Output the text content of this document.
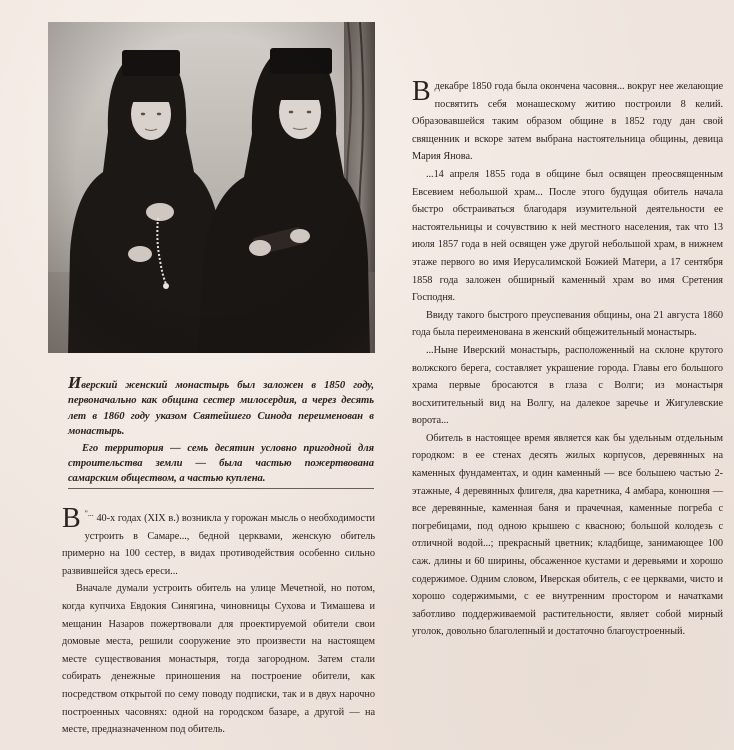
Иверский женский монастырь был заложен в 1850 году, первоначально как община сестер милосердия, а через десять лет в 1860 году указом Святейшего Синода переименован в монастырь.

Его территория — семь десятин условно пригодной для строительства земли — была частью пожертвована самарским обществом, а частью куплена.

"...
В 40-х годах (XIX в.) возникла у горожан мысль о необходимости устроить в Самаре..., бедной церквами, женскую обитель примерно на 100 сестер, в видах противодействия особенно сильно развившейся здесь ереси...

Вначале думали устроить обитель на улице Мечетной, но потом, когда купчиха Евдокия Синягина, чиновницы Сухова и Тимашева и мещанин Назаров пожертвовали для проектируемой обители свои домовые места, решили сооружение это произвести на настоящем месте существования монастыря, тогда загородном. Затем стали собирать денежные приношения на построение обители, как посредством открытой по сему поводу подписки, так и в двух нарочно построенных часовнях: одной на городском базаре, а другой — на месте, предназначенном под обитель.

В декабре 1850 года была окончена часовня... вокруг нее желающие посвятить себя монашескому житию построили 8 келий. Образовавшейся таким образом общине в 1852 году дан свой священник и вскоре затем выбрана настоятельница общины, девица Мария Янова.

...14 апреля 1855 года в общине был освящен преосвященным Евсевием небольшой храм... После этого будущая обитель начала быстро обстраиваться благодаря изумительной деятельности ее настоятельницы и сочувствию к ней местного населения, так что 13 июля 1857 года в ней освящен уже другой небольшой храм, в нижнем этаже первого во имя Иерусалимской Божией Матери, а 17 сентября 1858 года заложен обширный каменный храм во имя Сретения Господня.

Ввиду такого быстрого преуспевания общины, она 21 августа 1860 года была переименована в женский общежительный монастырь.

...Ныне Иверский монастырь, расположенный на склоне крутого волжского берега, составляет украшение города. Главы его большого храма первые бросаются в глаза с Волги; из монастыря восхитительный вид на Волгу, на далекое заречье и Жигулевские ворота...

Обитель в настоящее время является как бы удельным отдельным городком: в ее стенах десять жилых корпусов, деревянных на каменных фундаментах, и один каменный — все большею частью 2-этажные, 4 деревянных флигеля, два каретника, 4 амбара, конюшня — все деревянные, каменная баня и прачечная, каменные погреба с погребицами, под одною крышею с квасною; большой колодезь с отличной водой...; прекрасный цветник; кладбище, занимающее 100 саж. длины и 60 ширины, обсаженное кустами и деревьями и хорошо содержимое. Одним словом, Иверская обитель, с ее церквами, чисто и хорошо содержимыми, с ее внутренним простором и начатками заботливо поддерживаемой растительности, являет собой мирный уголок, довольно благолепный и достаточно благоустроенный.
